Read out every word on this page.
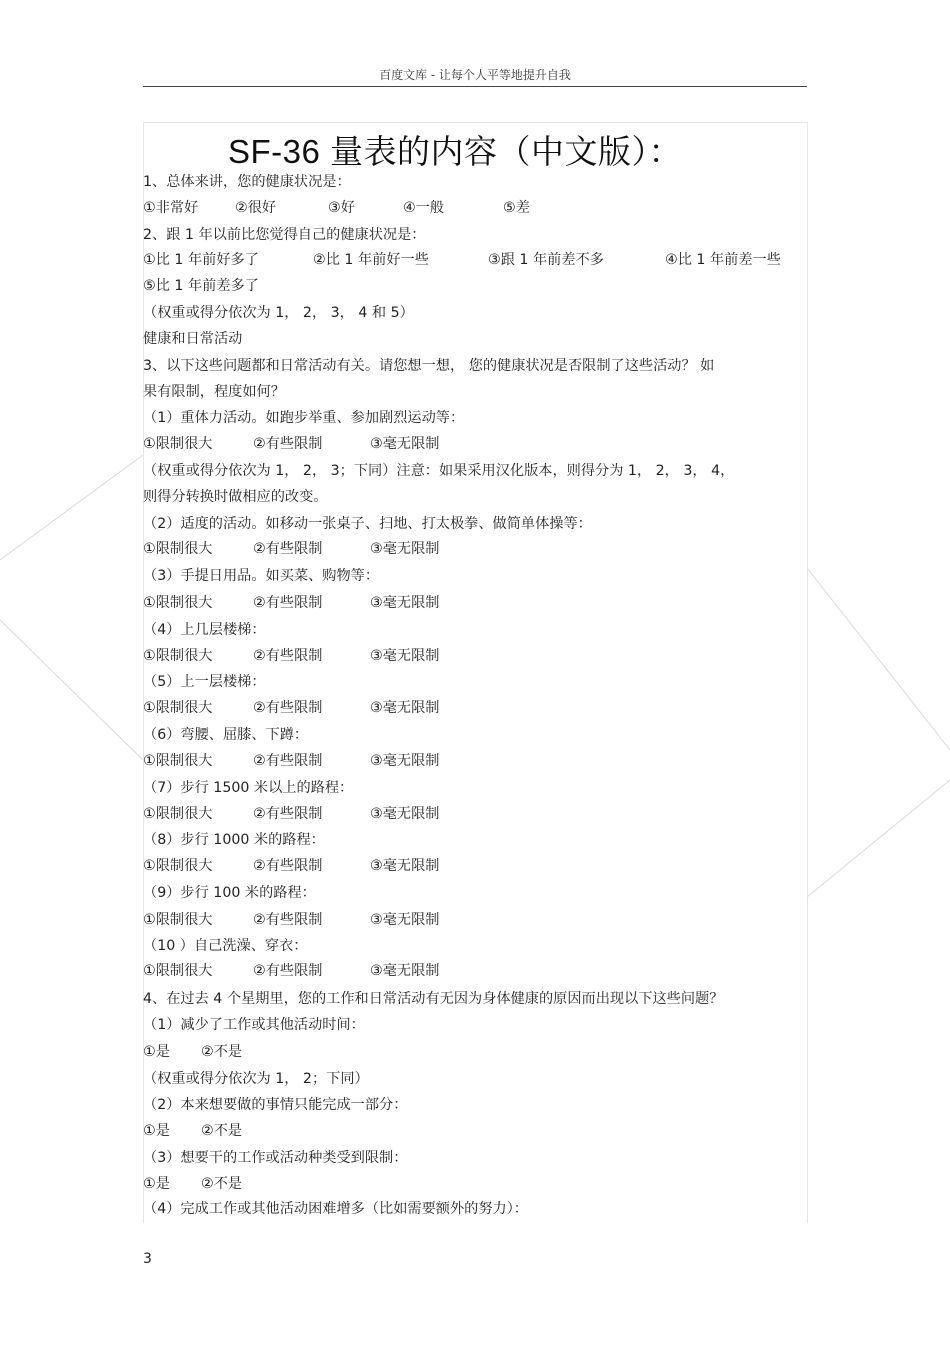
百度文库 - 让每个人平等地提升自我
SF-36 量表的内容（中文版）：
1、总体来讲，您的健康状况是：
①非常好	②很好	③好	④一般	⑤差
2、跟 1 年以前比您觉得自己的健康状况是：
①比 1 年前好多了	②比 1 年前好一些	③跟 1 年前差不多	④比 1 年前差一些
⑤比 1 年前差多了
（权重或得分依次为 1， 2， 3， 4 和 5）
健康和日常活动
3、以下这些问题都和日常活动有关。请您想一想， 您的健康状况是否限制了这些活动？ 如
果有限制，程度如何？
（1）重体力活动。如跑步举重、参加剧烈运动等：
①限制很大	②有些限制	③毫无限制
（权重或得分依次为 1， 2， 3；下同）注意：如果采用汉化版本，则得分为 1， 2， 3， 4，
则得分转换时做相应的改变。
（2）适度的活动。如移动一张桌子、扫地、打太极拳、做简单体操等：
①限制很大	②有些限制	③毫无限制
（3）手提日用品。如买菜、购物等：
①限制很大	②有些限制	③毫无限制
（4）上几层楼梯：
①限制很大	②有些限制	③毫无限制
（5）上一层楼梯：
①限制很大	②有些限制	③毫无限制
（6）弯腰、屈膝、下蹲：
①限制很大	②有些限制	③毫无限制
（7）步行 1500 米以上的路程：
①限制很大	②有些限制	③毫无限制
（8）步行 1000 米的路程：
①限制很大	②有些限制	③毫无限制
（9）步行 100 米的路程：
①限制很大	②有些限制	③毫无限制
（10 ）自己洗澡、穿衣：
①限制很大	②有些限制	③毫无限制
4、在过去 4 个星期里，您的工作和日常活动有无因为身体健康的原因而出现以下这些问题？
（1）减少了工作或其他活动时间：
①是 ②不是
（权重或得分依次为 1， 2；下同）
（2）本来想要做的事情只能完成一部分：
①是 ②不是
（3）想要干的工作或活动种类受到限制：
①是 ②不是
（4）完成工作或其他活动困难增多（比如需要额外的努力）：
3
